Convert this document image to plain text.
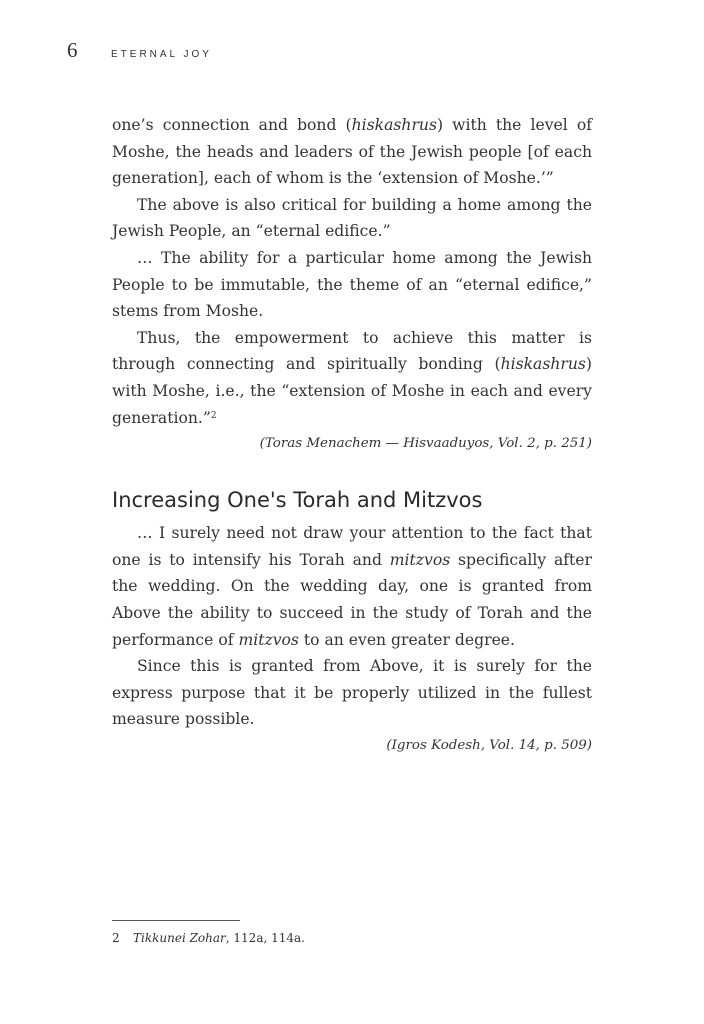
6	ETERNAL JOY

one’s connection and bond (hiskashrus) with the level of Moshe, the heads and leaders of the Jewish people [of each generation], each of whom is the ‘extension of Moshe.’”

The above is also critical for building a home among the Jewish People, an “eternal edifice.”

… The ability for a particular home among the Jewish People to be immutable, the theme of an “eternal edifice,” stems from Moshe.

Thus, the empowerment to achieve this matter is through connecting and spiritually bonding (hiskashrus) with Moshe, i.e., the “extension of Moshe in each and every generation.”$^2$

(Toras Menachem — Hisvaaduyos, Vol. 2, p. 251)
Increasing One's Torah and Mitzvos

… I surely need not draw your attention to the fact that one is to intensify his Torah and mitzvos specifically after the wedding. On the wedding day, one is granted from Above the ability to succeed in the study of Torah and the performance of mitzvos to an even greater degree.

Since this is granted from Above, it is surely for the express purpose that it be properly utilized in the fullest measure possible.

(Igros Kodesh, Vol. 14, p. 509)
2 Tikkunei Zohar, 112a, 114a.
